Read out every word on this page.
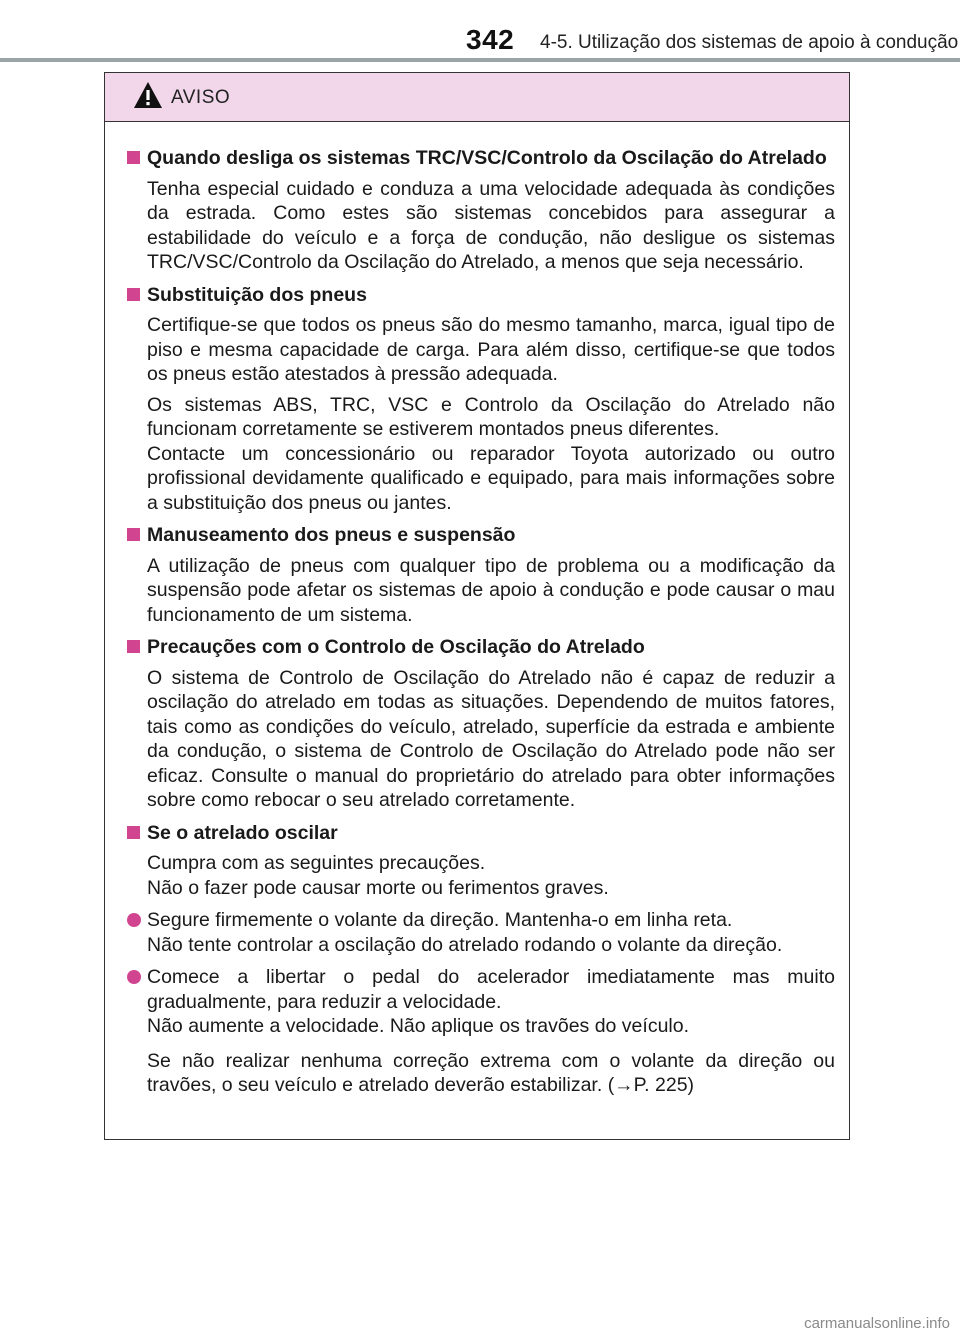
342 4-5. Utilização dos sistemas de apoio à condução
AVISO
Quando desliga os sistemas TRC/VSC/Controlo da Oscilação do Atrelado
Tenha especial cuidado e conduza a uma velocidade adequada às condições da estrada. Como estes são sistemas concebidos para assegurar a estabilidade do veículo e a força de condução, não desligue os sistemas TRC/VSC/Controlo da Oscilação do Atrelado, a menos que seja necessário.
Substituição dos pneus
Certifique-se que todos os pneus são do mesmo tamanho, marca, igual tipo de piso e mesma capacidade de carga. Para além disso, certifique-se que todos os pneus estão atestados à pressão adequada.
Os sistemas ABS, TRC, VSC e Controlo da Oscilação do Atrelado não funcionam corretamente se estiverem montados pneus diferentes.
Contacte um concessionário ou reparador Toyota autorizado ou outro profissional devidamente qualificado e equipado, para mais informações sobre a substituição dos pneus ou jantes.
Manuseamento dos pneus e suspensão
A utilização de pneus com qualquer tipo de problema ou a modificação da suspensão pode afetar os sistemas de apoio à condução e pode causar o mau funcionamento de um sistema.
Precauções com o Controlo de Oscilação do Atrelado
O sistema de Controlo de Oscilação do Atrelado não é capaz de reduzir a oscilação do atrelado em todas as situações. Dependendo de muitos fatores, tais como as condições do veículo, atrelado, superfície da estrada e ambiente da condução, o sistema de Controlo de Oscilação do Atrelado pode não ser eficaz. Consulte o manual do proprietário do atrelado para obter informações sobre como rebocar o seu atrelado corretamente.
Se o atrelado oscilar
Cumpra com as seguintes precauções.
Não o fazer pode causar morte ou ferimentos graves.
Segure firmemente o volante da direção. Mantenha-o em linha reta.
Não tente controlar a oscilação do atrelado rodando o volante da direção.
Comece a libertar o pedal do acelerador imediatamente mas muito gradualmente, para reduzir a velocidade.
Não aumente a velocidade. Não aplique os travões do veículo.
Se não realizar nenhuma correção extrema com o volante da direção ou travões, o seu veículo e atrelado deverão estabilizar. (→P. 225)
carmanualsonline.info
